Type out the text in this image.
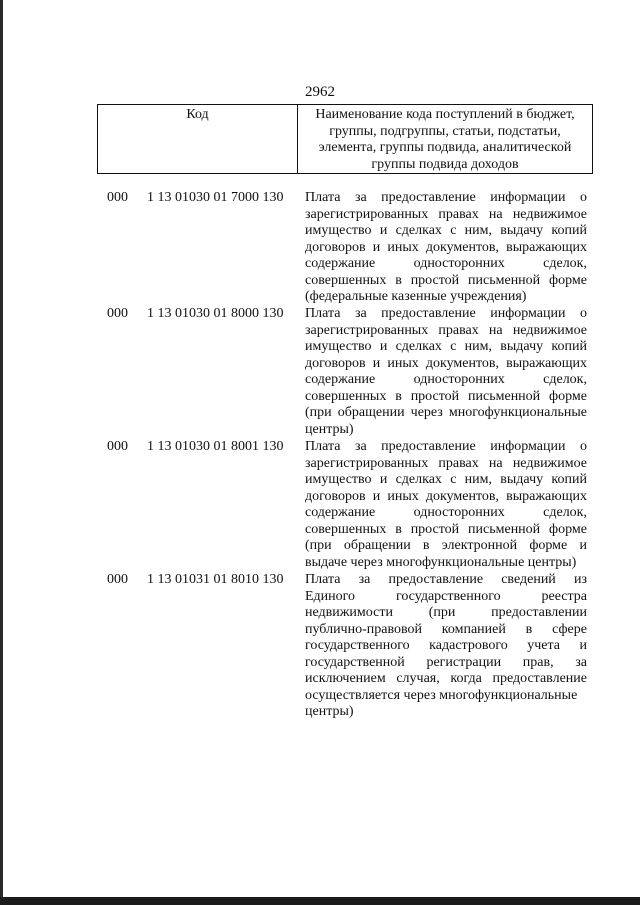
2962
Код	Наименование кода поступлений в бюджет,
группы, подгруппы, статьи, подстатьи,
элемента, группы подвида, аналитической
группы подвида доходов
000	1 13 01030 01 7000 130	Плата за предоставление информации о
зарегистрированных правах на недвижимое
имущество и сделках с ним, выдачу копий
договоров и иных документов, выражающих
содержание	односторонних	сделок,
совершенных в простой письменной форме
(федеральные казенные учреждения)
000	1 13 01030 01 8000 130	Плата за предоставление информации о
зарегистрированных правах на недвижимое
имущество и сделках с ним, выдачу копий
договоров и иных документов, выражающих
содержание	односторонних	сделок,
совершенных в простой письменной форме
(при обращении через многофункциональные
центры)
000	1 13 01030 01 8001 130	Плата за предоставление информации о
зарегистрированных правах на недвижимое
имущество и сделках с ним, выдачу копий
договоров и иных документов, выражающих
содержание	односторонних	сделок,
совершенных в простой письменной форме
(при обращении в электронной форме и
выдаче через многофункциональные центры)
000	1 13 01031 01 8010 130	Плата за предоставление сведений из
Единого	государственного	реестра
недвижимости	(при	предоставлении
публично-правовой компанией в сфере
государственного кадастрового учета и
государственной регистрации прав, за
исключением случая, когда предоставление
осуществляется через многофункциональные
центры)
